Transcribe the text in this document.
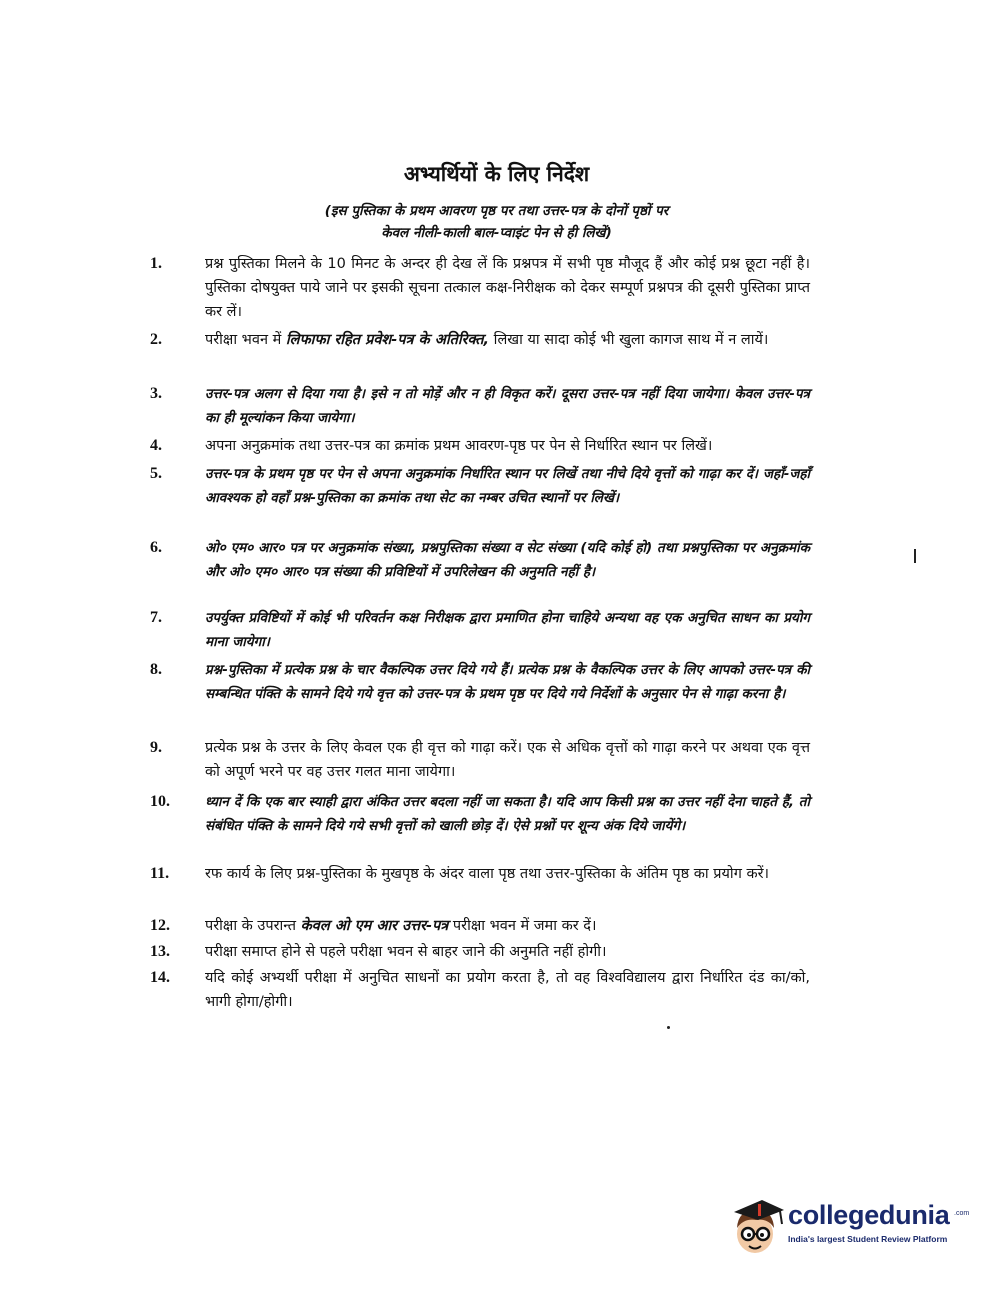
अभ्यर्थियों के लिए निर्देश
(इस पुस्तिका के प्रथम आवरण पृष्ठ पर तथा उत्तर-पत्र के दोनों पृष्ठों पर
केवल नीली-काली बाल-प्वाइंट पेन से ही लिखें)
1.	प्रश्न पुस्तिका मिलने के 10 मिनट के अन्दर ही देख लें कि प्रश्नपत्र में सभी पृष्ठ मौजूद हैं और कोई प्रश्न छूटा नहीं है। पुस्तिका दोषयुक्त पाये जाने पर इसकी सूचना तत्काल कक्ष-निरीक्षक को देकर सम्पूर्ण प्रश्नपत्र की दूसरी पुस्तिका प्राप्त कर लें।
2.	परीक्षा भवन में लिफाफा रहित प्रवेश-पत्र के अतिरिक्त, लिखा या सादा कोई भी खुला कागज साथ में न लायें।
3.	उत्तर-पत्र अलग से दिया गया है। इसे न तो मोड़ें और न ही विकृत करें। दूसरा उत्तर-पत्र नहीं दिया जायेगा। केवल उत्तर-पत्र का ही मूल्यांकन किया जायेगा।
4.	अपना अनुक्रमांक तथा उत्तर-पत्र का क्रमांक प्रथम आवरण-पृष्ठ पर पेन से निर्धारित स्थान पर लिखें।
5.	उत्तर-पत्र के प्रथम पृष्ठ पर पेन से अपना अनुक्रमांक निर्धारित स्थान पर लिखें तथा नीचे दिये वृत्तों को गाढ़ा कर दें। जहाँ-जहाँ आवश्यक हो वहाँ प्रश्न-पुस्तिका का क्रमांक तथा सेट का नम्बर उचित स्थानों पर लिखें।
6.	ओ० एम० आर० पत्र पर अनुक्रमांक संख्या, प्रश्नपुस्तिका संख्या व सेट संख्या (यदि कोई हो) तथा प्रश्नपुस्तिका पर अनुक्रमांक और ओ० एम० आर० पत्र संख्या की प्रविष्टियों में उपरिलेखन की अनुमति नहीं है।
7.	उपर्युक्त प्रविष्टियों में कोई भी परिवर्तन कक्ष निरीक्षक द्वारा प्रमाणित होना चाहिये अन्यथा वह एक अनुचित साधन का प्रयोग माना जायेगा।
8.	प्रश्न-पुस्तिका में प्रत्येक प्रश्न के चार वैकल्पिक उत्तर दिये गये हैं। प्रत्येक प्रश्न के वैकल्पिक उत्तर के लिए आपको उत्तर-पत्र की सम्बन्धित पंक्ति के सामने दिये गये वृत्त को उत्तर-पत्र के प्रथम पृष्ठ पर दिये गये निर्देशों के अनुसार पेन से गाढ़ा करना है।
9.	प्रत्येक प्रश्न के उत्तर के लिए केवल एक ही वृत्त को गाढ़ा करें। एक से अधिक वृत्तों को गाढ़ा करने पर अथवा एक वृत्त को अपूर्ण भरने पर वह उत्तर गलत माना जायेगा।
10.	ध्यान दें कि एक बार स्याही द्वारा अंकित उत्तर बदला नहीं जा सकता है। यदि आप किसी प्रश्न का उत्तर नहीं देना चाहते हैं, तो संबंधित पंक्ति के सामने दिये गये सभी वृत्तों को खाली छोड़ दें। ऐसे प्रश्नों पर शून्य अंक दिये जायेंगे।
11.	रफ कार्य के लिए प्रश्न-पुस्तिका के मुखपृष्ठ के अंदर वाला पृष्ठ तथा उत्तर-पुस्तिका के अंतिम पृष्ठ का प्रयोग करें।
12.	परीक्षा के उपरान्त केवल ओ एम आर उत्तर-पत्र परीक्षा भवन में जमा कर दें।
13.	परीक्षा समाप्त होने से पहले परीक्षा भवन से बाहर जाने की अनुमति नहीं होगी।
14.	यदि कोई अभ्यर्थी परीक्षा में अनुचित साधनों का प्रयोग करता है, तो वह विश्वविद्यालय द्वारा निर्धारित दंड का/को, भागी होगा/होगी।
collegedunia .com
India's largest Student Review Platform
